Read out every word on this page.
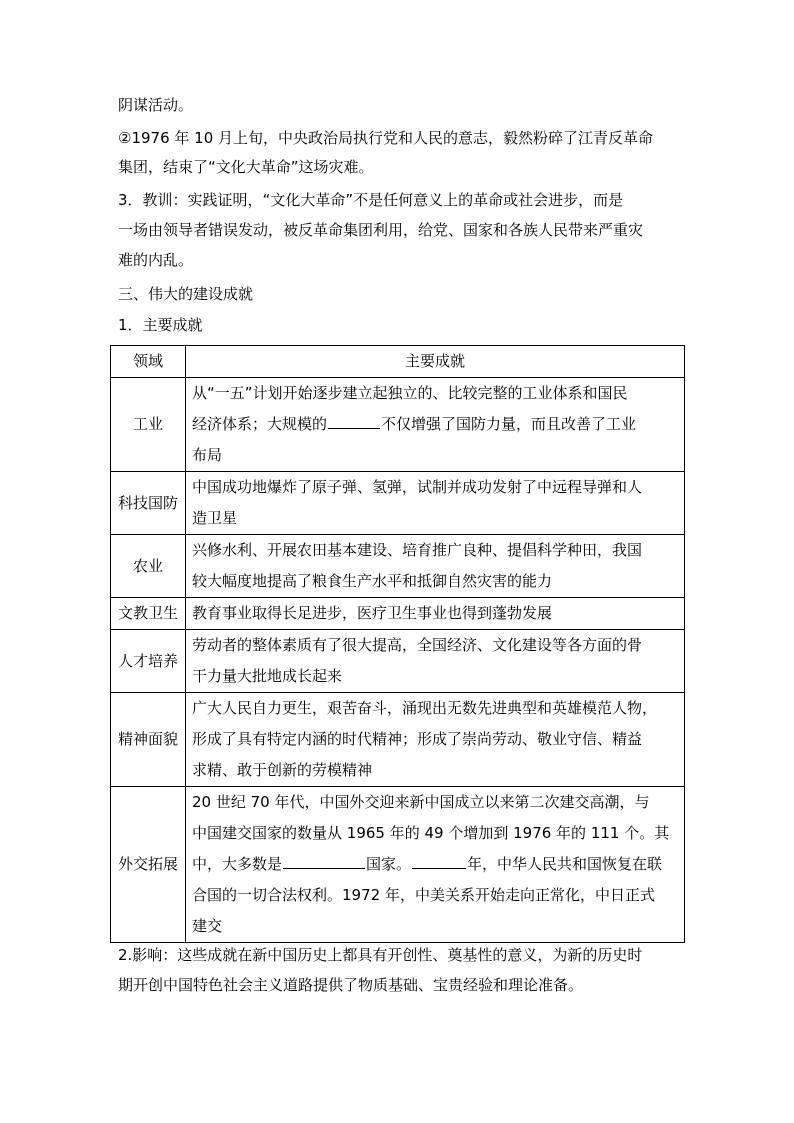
阴谋活动。
②1976 年 10 月上旬，中央政治局执行党和人民的意志，毅然粉碎了江青反革命
集团，结束了“文化大革命”这场灾难。
3．教训：实践证明，“文化大革命”不是任何意义上的革命或社会进步，而是
一场由领导者错误发动，被反革命集团利用，给党、国家和各族人民带来严重灾
难的内乱。
三、伟大的建设成就
1．主要成就
领域	主要成就
工业	从“一五”计划开始逐步建立起独立的、比较完整的工业体系和国民
经济体系；大规模的 不仅增强了国防力量，而且改善了工业
布局
科技国防	中国成功地爆炸了原子弹、氢弹，试制并成功发射了中远程导弹和人
造卫星
农业	兴修水利、开展农田基本建设、培育推广良种、提倡科学种田，我国
较大幅度地提高了粮食生产水平和抵御自然灾害的能力
文教卫生	教育事业取得长足进步，医疗卫生事业也得到蓬勃发展
人才培养	劳动者的整体素质有了很大提高，全国经济、文化建设等各方面的骨
干力量大批地成长起来
精神面貌	广大人民自力更生，艰苦奋斗，涌现出无数先进典型和英雄模范人物，
形成了具有特定内涵的时代精神；形成了崇尚劳动、敬业守信、精益
求精、敢于创新的劳模精神
外交拓展	20 世纪 70 年代，中国外交迎来新中国成立以来第二次建交高潮，与
中国建交国家的数量从 1965 年的 49 个增加到 1976 年的 111 个。其
中，大多数是 国家。 年，中华人民共和国恢复在联
合国的一切合法权利。1972 年，中美关系开始走向正常化，中日正式
建交
2.影响：这些成就在新中国历史上都具有开创性、奠基性的意义，为新的历史时
期开创中国特色社会主义道路提供了物质基础、宝贵经验和理论准备。
